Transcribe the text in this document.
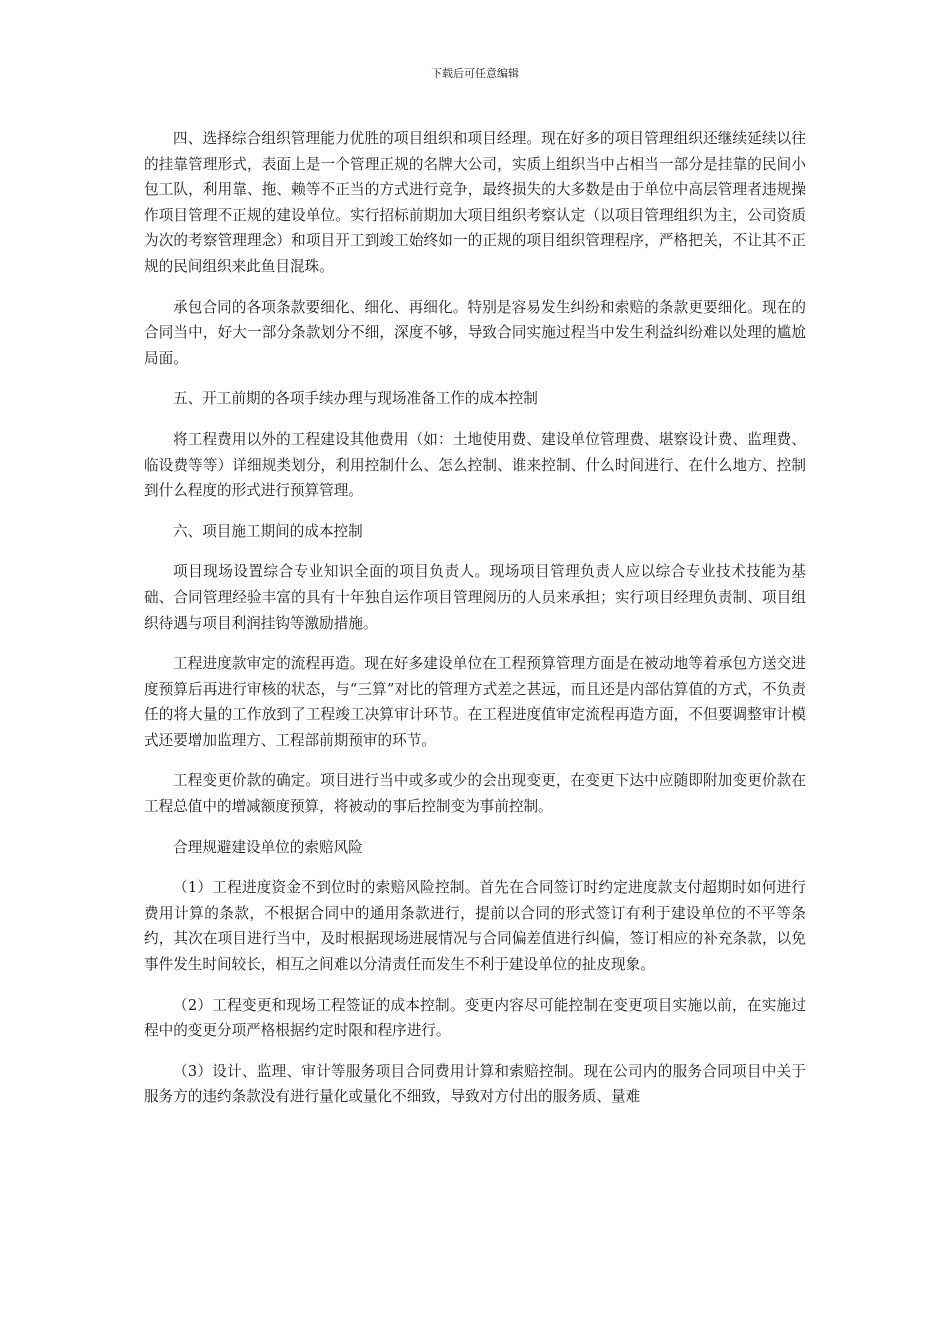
下载后可任意编辑

四、选择综合组织管理能力优胜的项目组织和项目经理。现在好多的项目管理组织还继续延续以往的挂靠管理形式，表面上是一个管理正规的名牌大公司，实质上组织当中占相当一部分是挂靠的民间小包工队，利用靠、拖、赖等不正当的方式进行竞争，最终损失的大多数是由于单位中高层管理者违规操作项目管理不正规的建设单位。实行招标前期加大项目组织考察认定（以项目管理组织为主，公司资质为次的考察管理理念）和项目开工到竣工始终如一的正规的项目组织管理程序，严格把关，不让其不正规的民间组织来此鱼目混珠。

承包合同的各项条款要细化、细化、再细化。特别是容易发生纠纷和索赔的条款更要细化。现在的合同当中，好大一部分条款划分不细，深度不够，导致合同实施过程当中发生利益纠纷难以处理的尴尬局面。

五、开工前期的各项手续办理与现场准备工作的成本控制

将工程费用以外的工程建设其他费用（如：土地使用费、建设单位管理费、堪察设计费、监理费、临设费等等）详细规类划分，利用控制什么、怎么控制、谁来控制、什么时间进行、在什么地方、控制到什么程度的形式进行预算管理。

六、项目施工期间的成本控制

项目现场设置综合专业知识全面的项目负责人。现场项目管理负责人应以综合专业技术技能为基础、合同管理经验丰富的具有十年独自运作项目管理阅历的人员来承担；实行项目经理负责制、项目组织待遇与项目利润挂钩等激励措施。

工程进度款审定的流程再造。现在好多建设单位在工程预算管理方面是在被动地等着承包方送交进度预算后再进行审核的状态，与“三算”对比的管理方式差之甚远，而且还是内部估算值的方式，不负责任的将大量的工作放到了工程竣工决算审计环节。在工程进度值审定流程再造方面，不但要调整审计模式还要增加监理方、工程部前期预审的环节。

工程变更价款的确定。项目进行当中或多或少的会出现变更，在变更下达中应随即附加变更价款在工程总值中的增减额度预算，将被动的事后控制变为事前控制。

合理规避建设单位的索赔风险

（1）工程进度资金不到位时的索赔风险控制。首先在合同签订时约定进度款支付超期时如何进行费用计算的条款，不根据合同中的通用条款进行，提前以合同的形式签订有利于建设单位的不平等条约，其次在项目进行当中，及时根据现场进展情况与合同偏差值进行纠偏，签订相应的补充条款，以免事件发生时间较长，相互之间难以分清责任而发生不利于建设单位的扯皮现象。

（2）工程变更和现场工程签证的成本控制。变更内容尽可能控制在变更项目实施以前，在实施过程中的变更分项严格根据约定时限和程序进行。

（3）设计、监理、审计等服务项目合同费用计算和索赔控制。现在公司内的服务合同项目中关于服务方的违约条款没有进行量化或量化不细致，导致对方付出的服务质、量难
